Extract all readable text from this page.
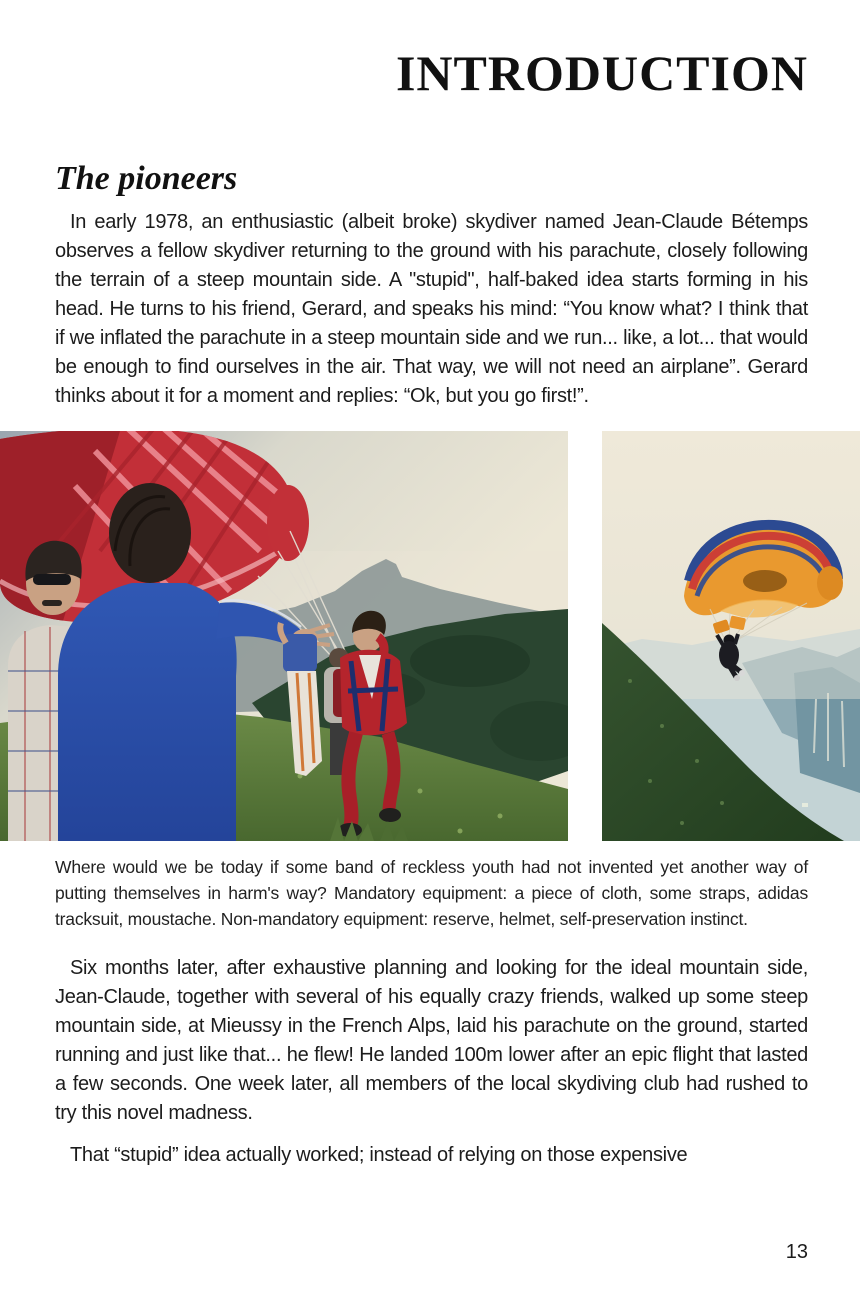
INTRODUCTION
The pioneers

In early 1978, an enthusiastic (albeit broke) skydiver named Jean-Claude Bétemps observes a fellow skydiver returning to the ground with his parachute, closely following the terrain of a steep mountain side. A "stupid", half-baked idea starts forming in his head. He turns to his friend, Gerard, and speaks his mind: “You know what? I think that if we inflated the parachute in a steep mountain side and we run... like, a lot... that would be enough to find ourselves in the air. That way, we will not need an airplane”. Gerard thinks about it for a moment and replies: “Ok, but you go first!”.

Where would we be today if some band of reckless youth had not invented yet another way of putting themselves in harm's way? Mandatory equipment: a piece of cloth, some straps, adidas tracksuit, moustache. Non-mandatory equipment: reserve, helmet, self-preservation instinct.

Six months later, after exhaustive planning and looking for the ideal mountain side, Jean-Claude, together with several of his equally crazy friends, walked up some steep mountain side, at Mieussy in the French Alps, laid his parachute on the ground, started running and just like that... he flew! He landed 100m lower after an epic flight that lasted a few seconds. One week later, all members of the local skydiving club had rushed to try this novel madness.

That “stupid” idea actually worked; instead of relying on those expensive

13
